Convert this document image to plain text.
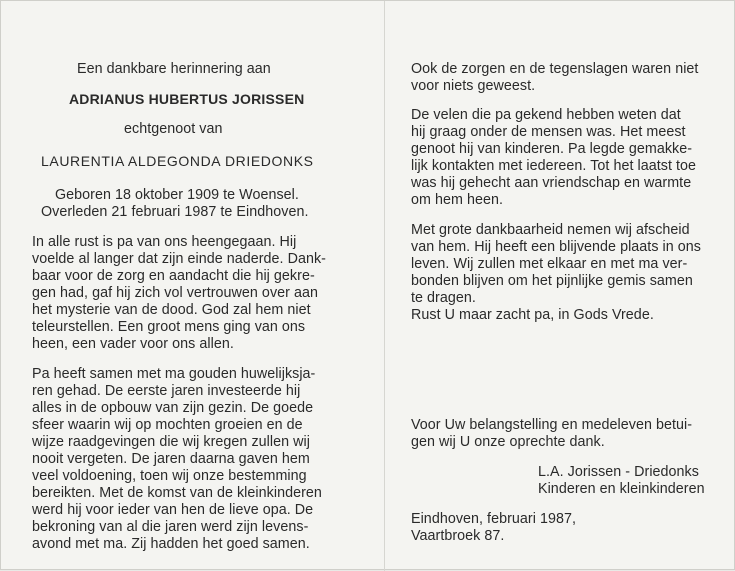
Een dankbare herinnering aan
ADRIANUS HUBERTUS JORISSEN
echtgenoot van
LAURENTIA ALDEGONDA DRIEDONKS
Geboren 18 oktober 1909 te Woensel.
Overleden 21 februari 1987 te Eindhoven.
In alle rust is pa van ons heengegaan. Hij
voelde al langer dat zijn einde naderde. Dank-
baar voor de zorg en aandacht die hij gekre-
gen had, gaf hij zich vol vertrouwen over aan
het mysterie van de dood. God zal hem niet
teleurstellen. Een groot mens ging van ons
heen, een vader voor ons allen.
Pa heeft samen met ma gouden huwelijksja-
ren gehad. De eerste jaren investeerde hij
alles in de opbouw van zijn gezin. De goede
sfeer waarin wij op mochten groeien en de
wijze raadgevingen die wij kregen zullen wij
nooit vergeten. De jaren daarna gaven hem
veel voldoening, toen wij onze bestemming
bereikten. Met de komst van de kleinkinderen
werd hij voor ieder van hen de lieve opa. De
bekroning van al die jaren werd zijn levens-
avond met ma. Zij hadden het goed samen.
Ook de zorgen en de tegenslagen waren niet
voor niets geweest.
De velen die pa gekend hebben weten dat
hij graag onder de mensen was. Het meest
genoot hij van kinderen. Pa legde gemakke-
lijk kontakten met iedereen. Tot het laatst toe
was hij gehecht aan vriendschap en warmte
om hem heen.
Met grote dankbaarheid nemen wij afscheid
van hem. Hij heeft een blijvende plaats in ons
leven. Wij zullen met elkaar en met ma ver-
bonden blijven om het pijnlijke gemis samen
te dragen.
Rust U maar zacht pa, in Gods Vrede.
Voor Uw belangstelling en medeleven betui-
gen wij U onze oprechte dank.
L.A. Jorissen - Driedonks
Kinderen en kleinkinderen
Eindhoven, februari 1987,
Vaartbroek 87.
